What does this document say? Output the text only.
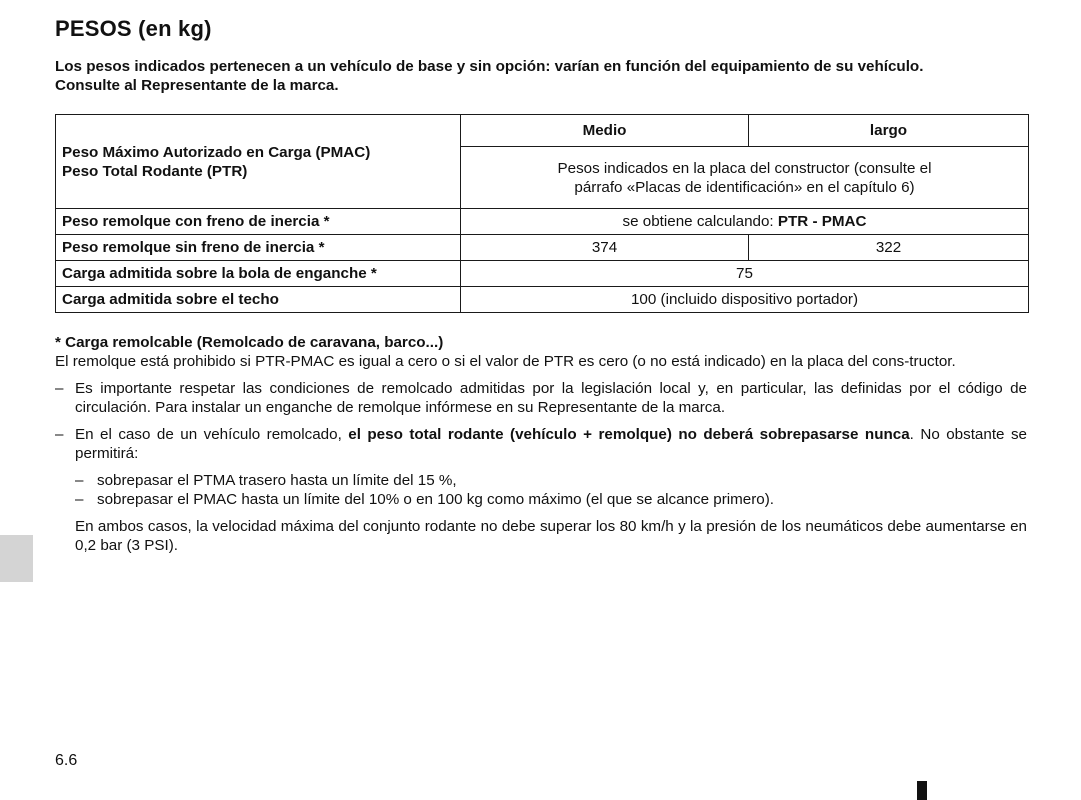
PESOS (en kg)

Los pesos indicados pertenecen a un vehículo de base y sin opción: varían en función del equipamiento de su vehículo.

Consulte al Representante de la marca.

Peso Máximo Autorizado en Carga (PMAC)
Peso Total Rodante (PTR)	Medio	largo

	Pesos indicados en la placa del constructor (consulte el
párrafo «Placas de identificación» en el capítulo 6)	

Peso remolque con freno de inercia *	se obtiene calculando: PTR - PMAC	
Peso remolque sin freno de inercia *	374	322
Carga admitida sobre la bola de enganche *	75	
Carga admitida sobre el techo	100 (incluido dispositivo portador)	

* Carga remolcable (Remolcado de caravana, barco...)

El remolque está prohibido si PTR-PMAC es igual a cero o si el valor de PTR es cero (o no está indicado) en la placa del cons-tructor.

– Es importante respetar las condiciones de remolcado admitidas por la legislación local y, en particular, las definidas por el código de circulación. Para instalar un enganche de remolque infórmese en su Representante de la marca.

– En el caso de un vehículo remolcado, el peso total rodante (vehículo + remolque) no deberá sobrepasarse nunca. No obstante se permitirá:

– sobrepasar el PTMA trasero hasta un límite del 15 %,

– sobrepasar el PMAC hasta un límite del 10% o en 100 kg como máximo (el que se alcance primero).

En ambos casos, la velocidad máxima del conjunto rodante no debe superar los 80 km/h y la presión de los neumáticos debe aumentarse en 0,2 bar (3 PSI).

6.6
